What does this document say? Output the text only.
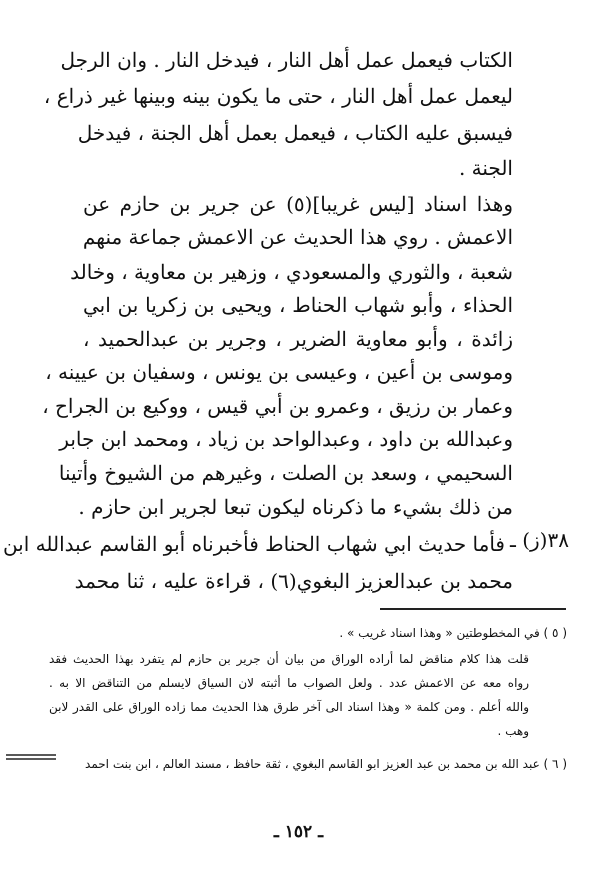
الكتاب فيعمل عمل أهل النار ، فيدخل النار . وان الرجل
ليعمل عمل أهل النار ، حتى ما يكون بينه وبينها غير ذراع ،
فيسبق عليه الكتاب ، فيعمل بعمل أهل الجنة ، فيدخل
الجنة .
وهذا اسناد [ليس غريبا](٥) عن جرير بن حازم عن
الاعمش . روي هذا الحديث عن الاعمش جماعة منهم
شعبة ، والثوري والمسعودي ، وزهير بن معاوية ، وخالد
الحذاء ، وأبو شهاب الحناط ، ويحيى بن زكريا بن ابي
زائدة ، وأبو معاوية الضرير ، وجرير بن عبدالحميد ،
وموسى بن أعين ، وعيسى بن يونس ، وسفيان بن عيينه ،
وعمار بن رزيق ، وعمرو بن أبي قيس ، ووكيع بن الجراح ،
وعبدالله بن داود ، وعبدالواحد بن زياد ، ومحمد ابن جابر
السحيمي ، وسعد بن الصلت ، وغيرهم من الشيوخ وأتينا
من ذلك بشيء ما ذكرناه ليكون تبعا لجرير ابن حازم .
٣٨(ز) ـ
فأما حديث ابي شهاب الحناط فأخبرناه أبو القاسم عبدالله ابن
محمد بن عبدالعزيز البغوي(٦) ، قراءة عليه ، ثنا محمد
( ٥ ) في المخطوطتين « وهذا اسناد غريب » .
قلت هذا كلام مناقض لما أراده الوراق من بيان أن جرير بن حازم لم يتفرد بهذا الحديث فقد
رواه معه عن الاعمش عدد . ولعل الصواب ما أثبته لان السياق لايسلم من التناقض الا به .
والله أعلم . ومن كلمة « وهذا اسناد الى آخر طرق هذا الحديث مما زاده الوراق على القدر لابن
وهب .
( ٦ ) عبد الله بن محمد بن عبد العزيز ابو القاسم البغوي ، ثقة حافظ ، مسند العالم ، ابن بنت احمد
ـ ١٥٢ ـ
